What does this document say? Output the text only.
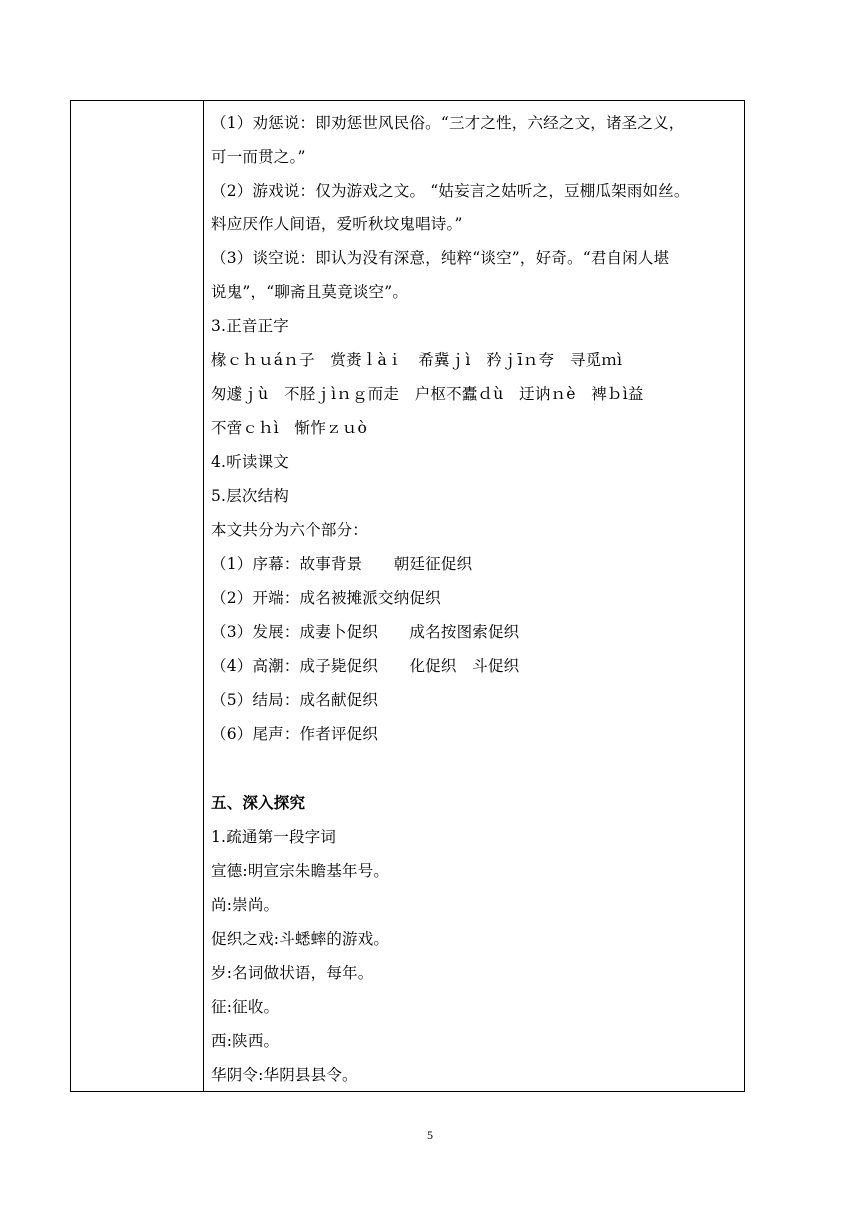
（1）劝惩说：即劝惩世风民俗。“三才之性，六经之文，诸圣之义，
可一而贯之。”
（2）游戏说：仅为游戏之文。 “姑妄言之姑听之，豆棚瓜架雨如丝。
料应厌作人间语，爱听秋坟鬼唱诗。”
（3）谈空说：即认为没有深意，纯粹“谈空”，好奇。“君自闲人堪
说鬼”，“聊斋且莫竟谈空”。
3.正音正字
椽ｃｈｕáｎ子　赏赉ｌàｉ　希冀ｊì　矜ｊīｎ夸　寻觅ｍì
匆遽ｊù　不胫ｊìｎｇ而走　户枢不蠹ｄù　迂讷ｎè　裨ｂì益
不啻ｃｈì　惭怍ｚｕò
4.听读课文
5.层次结构
本文共分为六个部分：
（1）序幕：故事背景　　朝廷征促织
（2）开端：成名被摊派交纳促织
（3）发展：成妻卜促织　　成名按图索促织
（4）高潮：成子毙促织　　化促织　斗促织
（5）结局：成名献促织
（6）尾声：作者评促织
五、深入探究
1.疏通第一段字词
宣德:明宣宗朱瞻基年号。
尚:崇尚。
促织之戏:斗蟋蟀的游戏。
岁:名词做状语，每年。
征:征收。
西:陕西。
华阴令:华阴县县令。
5
